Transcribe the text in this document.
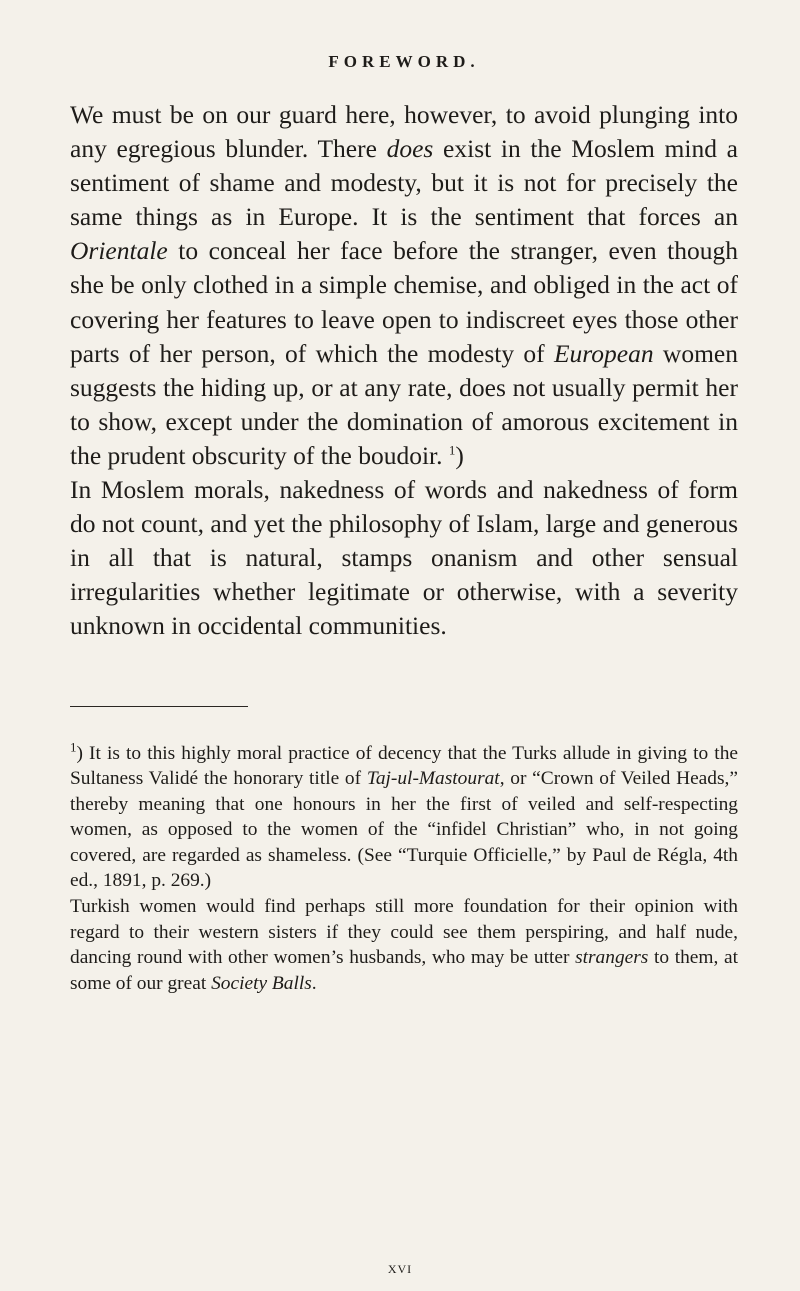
FOREWORD.

We must be on our guard here, however, to avoid plunging into any egregious blunder. There does exist in the Moslem mind a sentiment of shame and modesty, but it is not for precisely the same things as in Europe. It is the sentiment that forces an Orientale to conceal her face before the stranger, even though she be only clothed in a simple chemise, and obliged in the act of covering her features to leave open to indiscreet eyes those other parts of her person, of which the modesty of European women suggests the hiding up, or at any rate, does not usually permit her to show, except under the domination of amorous excitement in the prudent obscurity of the boudoir. $^1$)

In Moslem morals, nakedness of words and nakedness of form do not count, and yet the philosophy of Islam, large and generous in all that is natural, stamps onanism and other sensual irregularities whether legitimate or otherwise, with a severity unknown in occidental communities.

$^1$) It is to this highly moral practice of decency that the Turks allude in giving to the Sultaness Validé the honorary title of Taj-ul-Mastourat, or “Crown of Veiled Heads,” thereby meaning that one honours in her the first of veiled and self-respecting women, as opposed to the women of the “infidel Christian” who, in not going covered, are regarded as shameless. (See “Turquie Officielle,” by Paul de Régla, 4th ed., 1891, p. 269.)

Turkish women would find perhaps still more foundation for their opinion with regard to their western sisters if they could see them perspiring, and half nude, dancing round with other women’s husbands, who may be utter strangers to them, at some of our great Society Balls.

XVI
